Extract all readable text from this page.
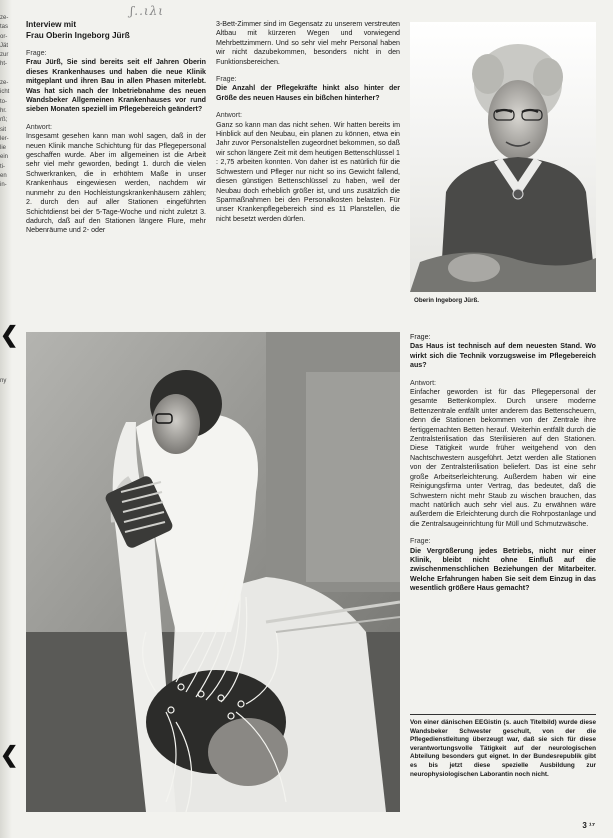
ze-
tas
or-
Jät
zur
ht-
ze-
icht
to-
hr.
rß;
sit
ler-
lie
ein
ti-
en
in-
❮
❮
ny
ʃ..ιλι

Interview mit

Frau Oberin Ingeborg Jürß

Frage:

Frau Jürß, Sie sind bereits seit elf Jahren Oberin dieses Krankenhauses und haben die neue Klinik mitgeplant und ihren Bau in allen Phasen miterlebt. Was hat sich nach der Inbetriebnahme des neuen Wandsbeker Allgemeinen Krankenhauses vor rund sieben Monaten speziell im Pflegebereich geändert?

Antwort:

Insgesamt gesehen kann man wohl sagen, daß in der neuen Klinik manche Schichtung für das Pflegepersonal geschaffen wurde. Aber im allgemeinen ist die Arbeit sehr viel mehr geworden, bedingt 1. durch die vielen Schwerkranken, die in erhöhtem Maße in unser Krankenhaus eingewiesen werden, nachdem wir nunmehr zu den Hochleistungskrankenhäusern zählen; 2. durch den auf aller Stationen eingeführten Schichtdienst bei der 5-Tage-Woche und nicht zuletzt 3. dadurch, daß auf den Stationen längere Flure, mehr Nebenräume und 2- oder

3-Bett-Zimmer sind im Gegensatz zu unserem verstreuten Altbau mit kürzeren Wegen und vorwiegend Mehrbettzimmern. Und so sehr viel mehr Personal haben wir nicht dazubekommen, besonders nicht in den Funktionsbereichen.

Frage:

Die Anzahl der Pflegekräfte hinkt also hinter der Größe des neuen Hauses ein bißchen hinterher?

Antwort:

Ganz so kann man das nicht sehen. Wir hatten bereits im Hinblick auf den Neubau, ein planen zu können, etwa ein Jahr zuvor Personalstellen zugeordnet bekommen, so daß wir schon längere Zeit mit dem heutigen Bettenschlüssel 1 : 2,75 arbeiten konnten. Von daher ist es natürlich für die Schwestern und Pfleger nur nicht so ins Gewicht fallend, diesen günstigen Bettenschlüssel zu haben, weil der Neubau doch erheblich größer ist, und uns zusätzlich die Sparmaßnahmen bei den Personalkosten belasten. Für unser Krankenpflegebereich sind es 11 Planstellen, die nicht besetzt werden dürfen.

Oberin Ingeborg Jürß.

Frage:

Das Haus ist technisch auf dem neuesten Stand. Wo wirkt sich die Technik vorzugsweise im Pflegebereich aus?

Antwort:

Einfacher geworden ist für das Pflegepersonal der gesamte Bettenkomplex. Durch unsere moderne Bettenzentrale entfällt unter anderem das Bettenscheuern, denn die Stationen bekommen von der Zentrale ihre fertiggemachten Betten herauf. Weiterhin entfällt durch die Zentralsterilisation das Sterilisieren auf den Stationen. Diese Tätigkeit wurde früher weitgehend von den Nachtschwestern ausgeführt. Jetzt werden alle Stationen von der Zentralsterilisation beliefert. Das ist eine sehr große Arbeitserleichterung. Außerdem haben wir eine Reinigungsfirma unter Vertrag, das bedeutet, daß die Schwestern nicht mehr Staub zu wischen brauchen, das macht natürlich auch sehr viel aus. Zu erwähnen wäre außerdem die Erleichterung durch die Rohrpostanlage und die Zentralsaugeinrichtung für Müll und Schmutzwäsche.

Frage:

Die Vergrößerung jedes Betriebs, nicht nur einer Klinik, bleibt nicht ohne Einfluß auf die zwischenmenschlichen Beziehungen der Mitarbeiter. Welche Erfahrungen haben Sie seit dem Einzug in das wesentlich größere Haus gemacht?

Von einer dänischen EEGistin (s. auch Titelbild) wurde diese Wandsbeker Schwester geschult, von der die Pflegedienstleitung überzeugt war, daß sie sich für diese verantwortungsvolle Tätigkeit auf der neurologischen Abteilung besonders gut eignet. In der Bundesrepublik gibt es bis jetzt diese spezielle Ausbildung zur neurophysiologischen Laborantin noch nicht.
3 ¹⁷
